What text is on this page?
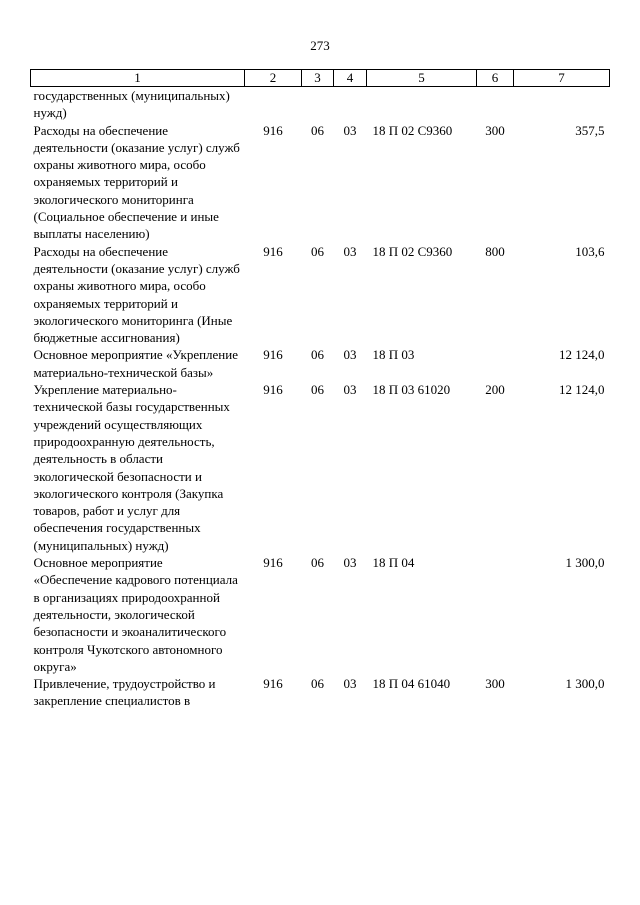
273
1	2	3	4	5	6	7
государственных (муниципальных) нужд)						
Расходы на обеспечение деятельности (оказание услуг) служб охраны животного мира, особо охраняемых территорий и экологического мониторинга (Социальное обеспечение и иные выплаты населению)	916	06	03	18 П 02 С9360	300	357,5
Расходы на обеспечение деятельности (оказание услуг) служб охраны животного мира, особо охраняемых территорий и экологического мониторинга (Иные бюджетные ассигнования)	916	06	03	18 П 02 С9360	800	103,6
Основное мероприятие «Укрепление материально-технической базы»	916	06	03	18 П 03		12 124,0
Укрепление материально-технической базы государственных учреждений осуществляющих природоохранную деятельность, деятельность в области экологической безопасности и экологического контроля (Закупка товаров, работ и услуг для обеспечения государственных (муниципальных) нужд)	916	06	03	18 П 03 61020	200	12 124,0
Основное мероприятие «Обеспечение кадрового потенциала в организациях природоохранной деятельности, экологической безопасности и экоаналитического контроля Чукотского автономного округа»	916	06	03	18 П 04		1 300,0
Привлечение, трудоустройство и закрепление специалистов в	916	06	03	18 П 04 61040	300	1 300,0
